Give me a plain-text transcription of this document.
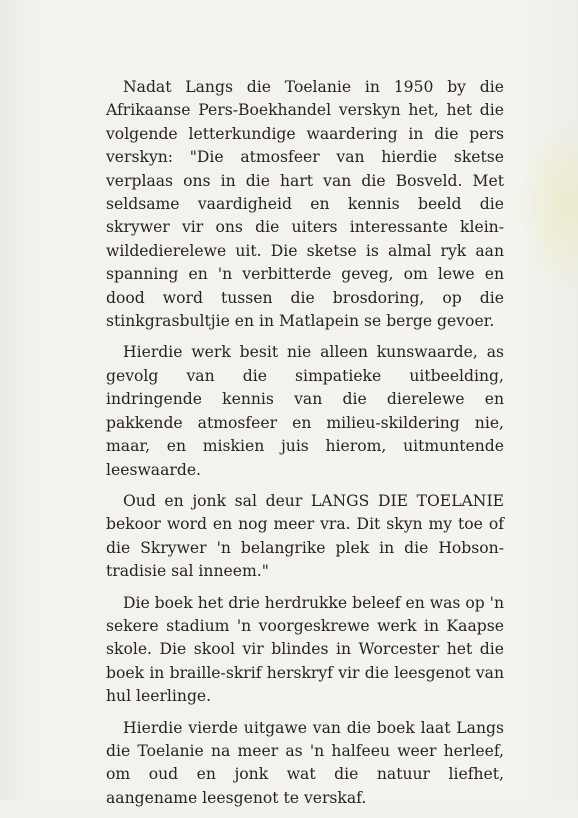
Nadat Langs die Toelanie in 1950 by die Afrikaanse Pers-Boekhandel verskyn het, het die volgende letterkundige waardering in die pers verskyn: "Die atmosfeer van hierdie sketse verplaas ons in die hart van die Bosveld. Met seldsame vaardigheid en kennis beeld die skrywer vir ons die uiters interessante klein-wildedierelewe uit. Die sketse is almal ryk aan spanning en 'n verbitterde geveg, om lewe en dood word tussen die brosdoring, op die stinkgrasbultjie en in Matlapein se berge gevoer.

Hierdie werk besit nie alleen kunswaarde, as gevolg van die simpatieke uitbeelding, indringende kennis van die dierelewe en pakkende atmosfeer en milieu-skildering nie, maar, en miskien juis hierom, uitmuntende leeswaarde.

Oud en jonk sal deur LANGS DIE TOELANIE bekoor word en nog meer vra. Dit skyn my toe of die Skrywer 'n belangrike plek in die Hobson-tradisie sal inneem."

Die boek het drie herdrukke beleef en was op 'n sekere stadium 'n voorgeskrewe werk in Kaapse skole. Die skool vir blindes in Worcester het die boek in braille-skrif herskryf vir die leesgenot van hul leerlinge.

Hierdie vierde uitgawe van die boek laat Langs die Toelanie na meer as 'n halfeeu weer herleef, om oud en jonk wat die natuur liefhet, aangename leesgenot te verskaf.
